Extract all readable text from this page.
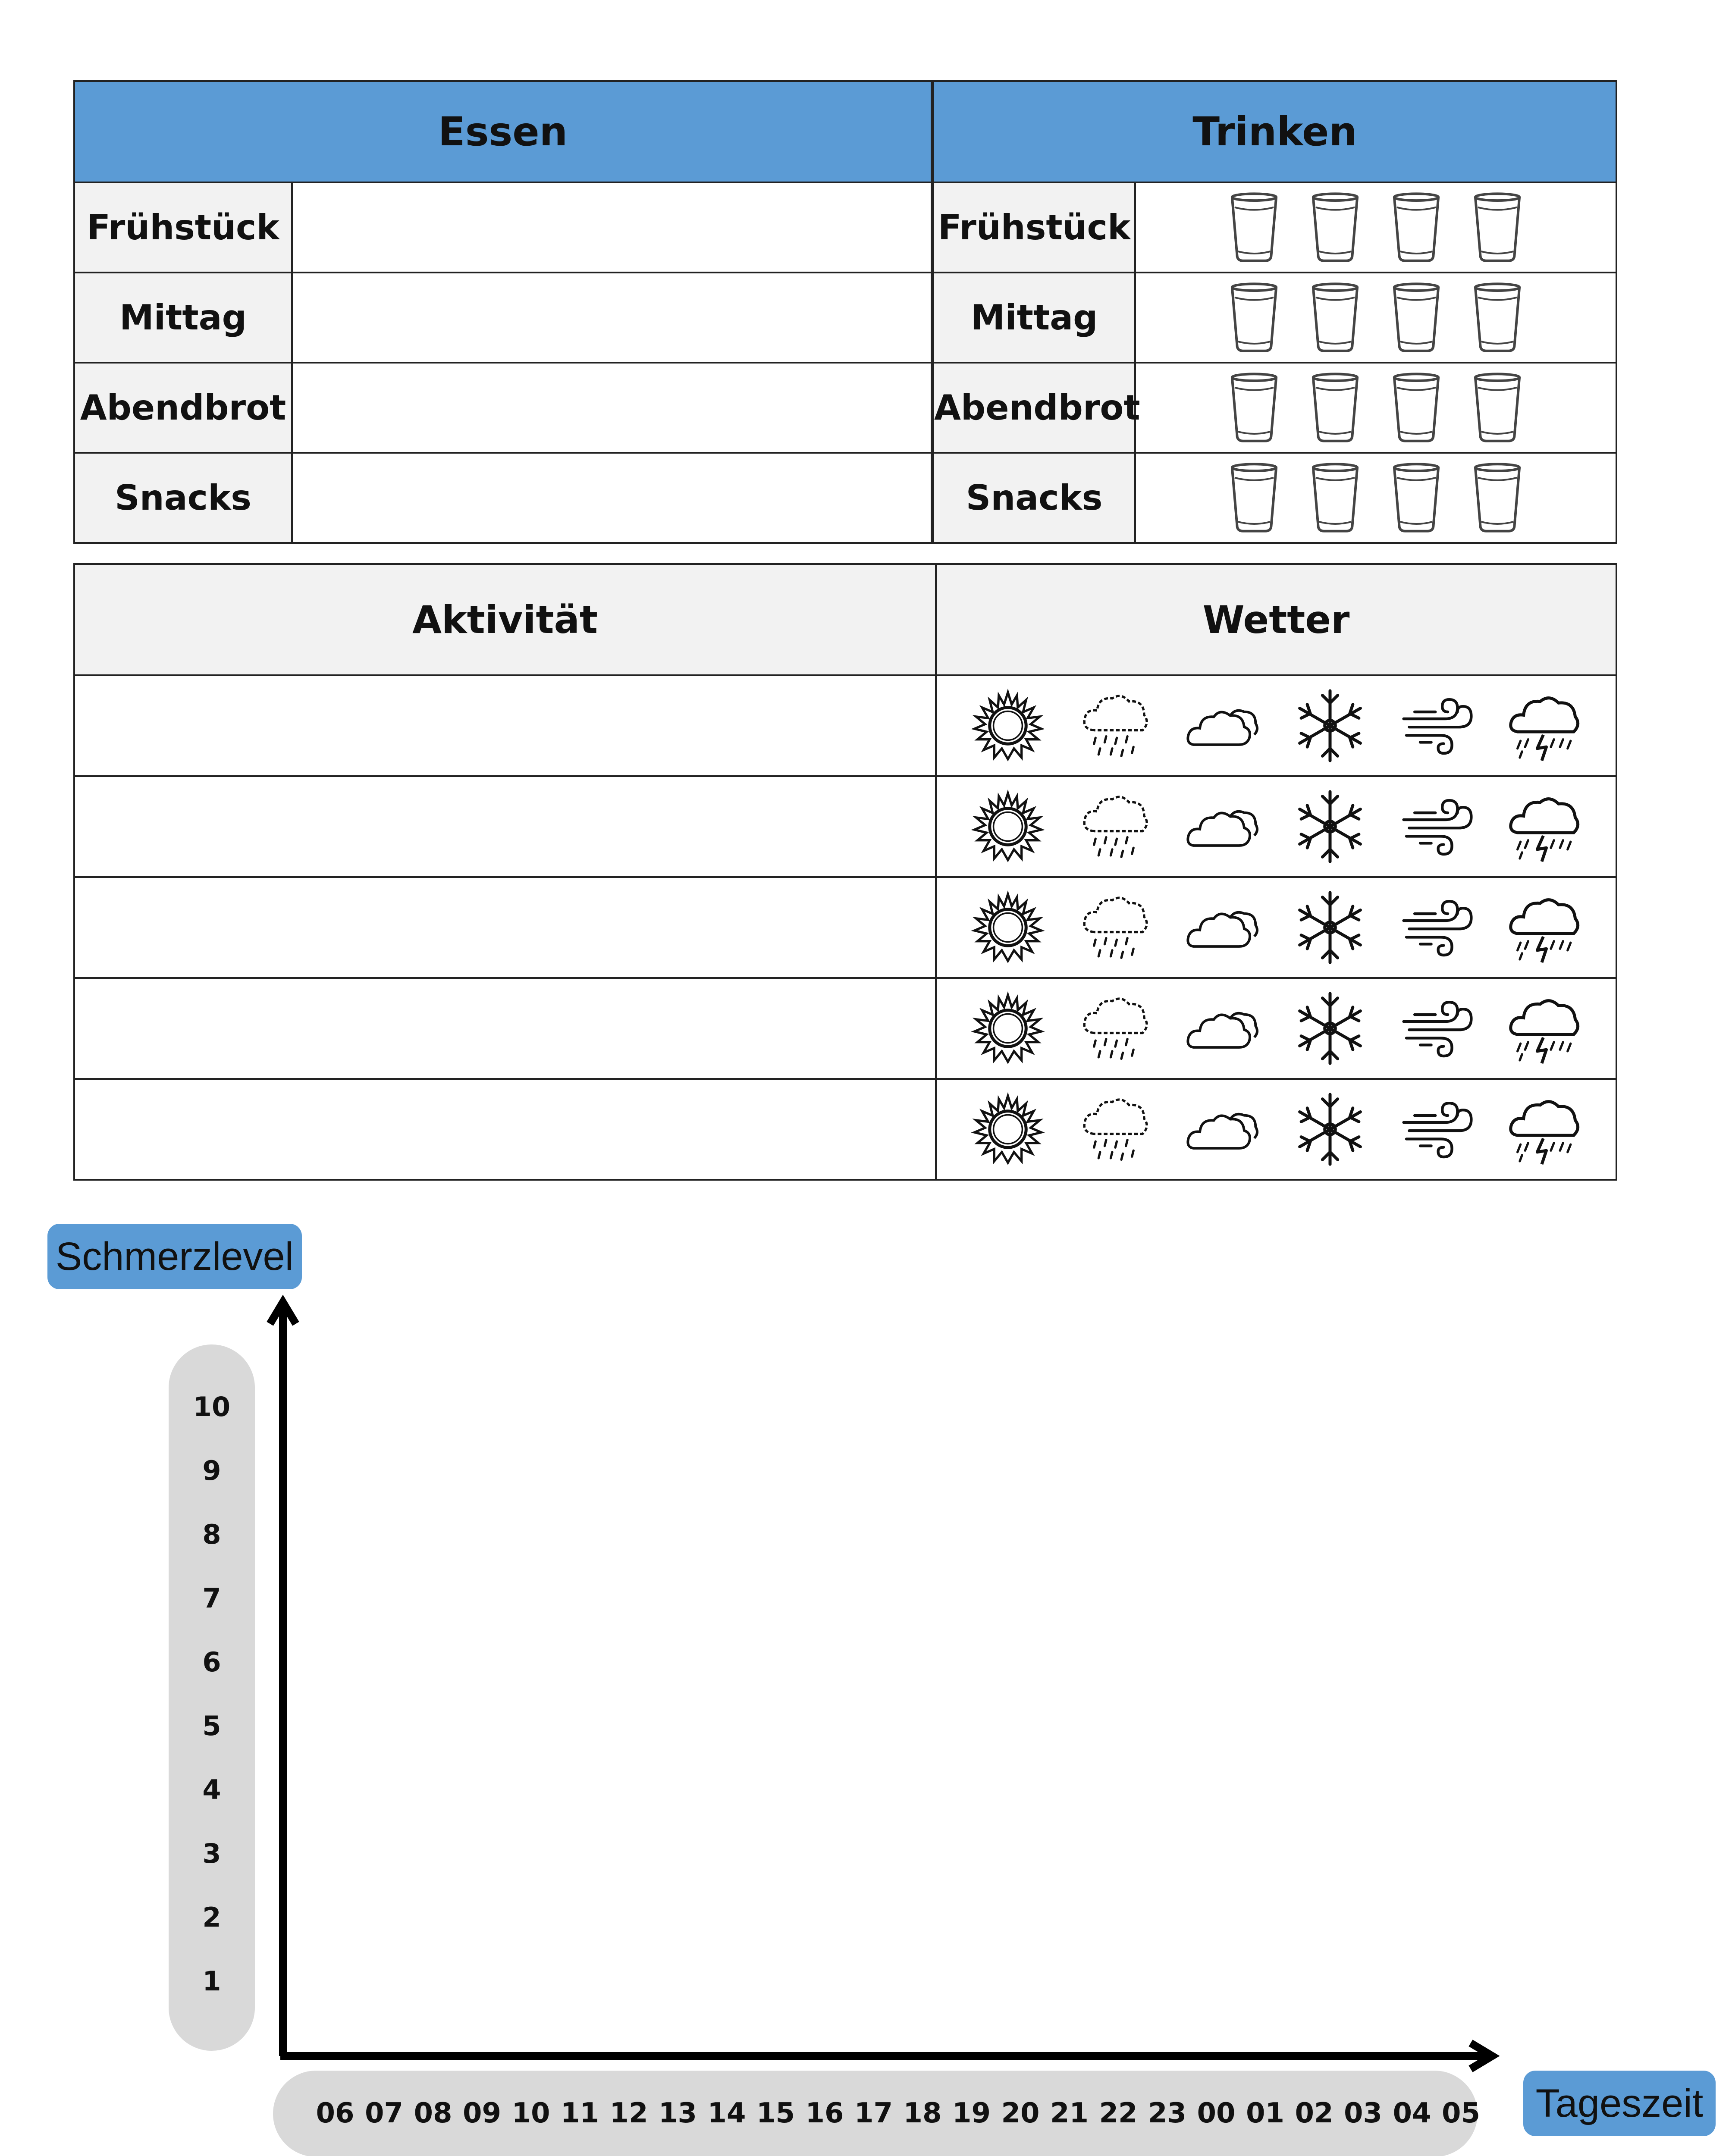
Essen		Trinken	
Frühstück		Frühstück	

Mittag		Mittag	

Abendbrot		Abendbrot	

Snacks		Snacks	
Aktivität	Wetter

Schmerzlevel
10
9
8
7
6
5
4
3
2
1
06 07 08 09 10 11 12 13 14 15 16 17 18 19 20 21 22 23 00 01 02 03 04 05	Tageszeit
